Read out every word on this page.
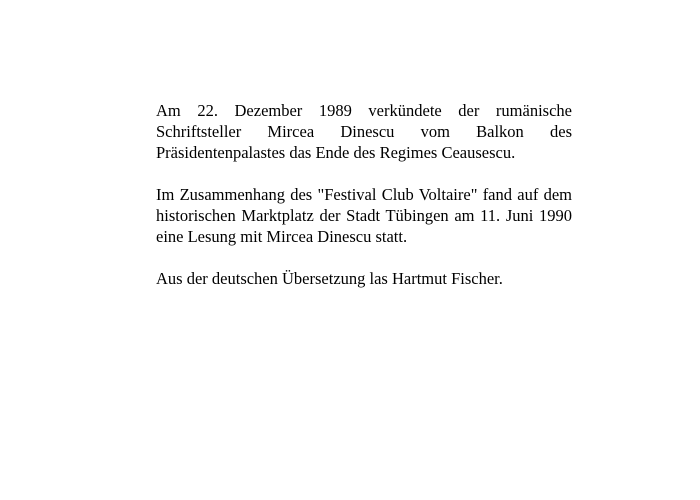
Am 22. Dezember 1989 verkündete der rumänische Schriftsteller Mircea Dinescu vom Balkon des Präsidentenpalastes das Ende des Regimes Ceausescu.

Im Zusammenhang des "Festival Club Voltaire" fand auf dem historischen Marktplatz der Stadt Tübingen am 11. Juni 1990 eine Lesung mit Mircea Dinescu statt.

Aus der deutschen Übersetzung las Hartmut Fischer.
